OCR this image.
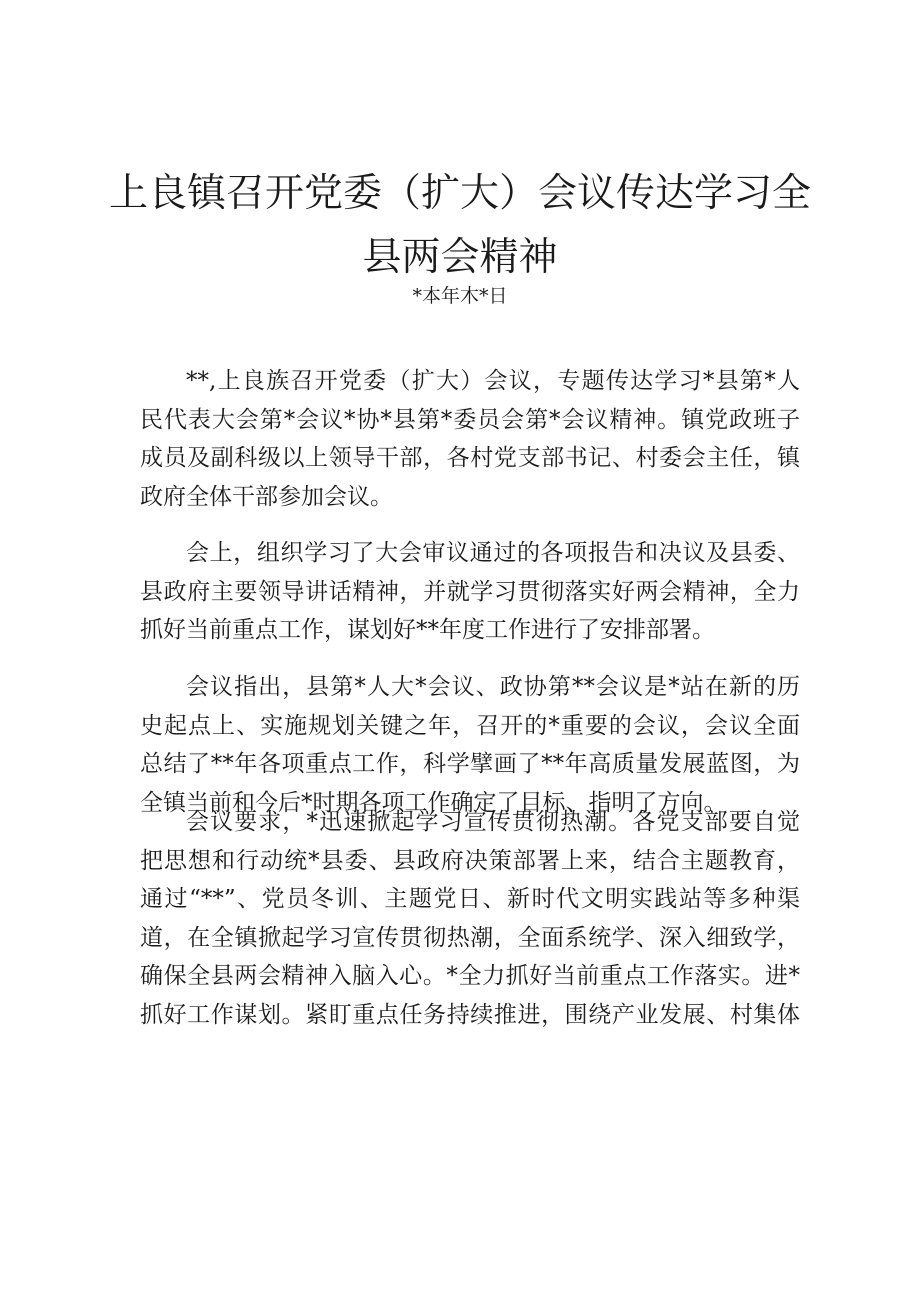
上良镇召开党委（扩大）会议传达学习全
县两会精神

*本年木*日

**,上良族召开党委（扩大）会议，专题传达学习*县第*人
民代表大会第*会议*协*县第*委员会第*会议精神。镇党政班子
成员及副科级以上领导干部，各村党支部书记、村委会主任，镇
政府全体干部参加会议。
会上，组织学习了大会审议通过的各项报告和决议及县委、
县政府主要领导讲话精神，并就学习贯彻落实好两会精神，全力
抓好当前重点工作，谋划好**年度工作进行了安排部署。
会议指出，县第*人大*会议、政协第**会议是*站在新的历
史起点上、实施规划关键之年，召开的*重要的会议，会议全面
总结了**年各项重点工作，科学擘画了**年高质量发展蓝图，为
全镇当前和今后*时期各项工作确定了目标、指明了方向。
会议要求，*迅速掀起学习宣传贯彻热潮。各党支部要自觉
把思想和行动统*县委、县政府决策部署上来，结合主题教育，
通过“**”、党员冬训、主题党日、新时代文明实践站等多种渠
道，在全镇掀起学习宣传贯彻热潮，全面系统学、深入细致学，
确保全县两会精神入脑入心。*全力抓好当前重点工作落实。进*
抓好工作谋划。紧盯重点任务持续推进，围绕产业发展、村集体
